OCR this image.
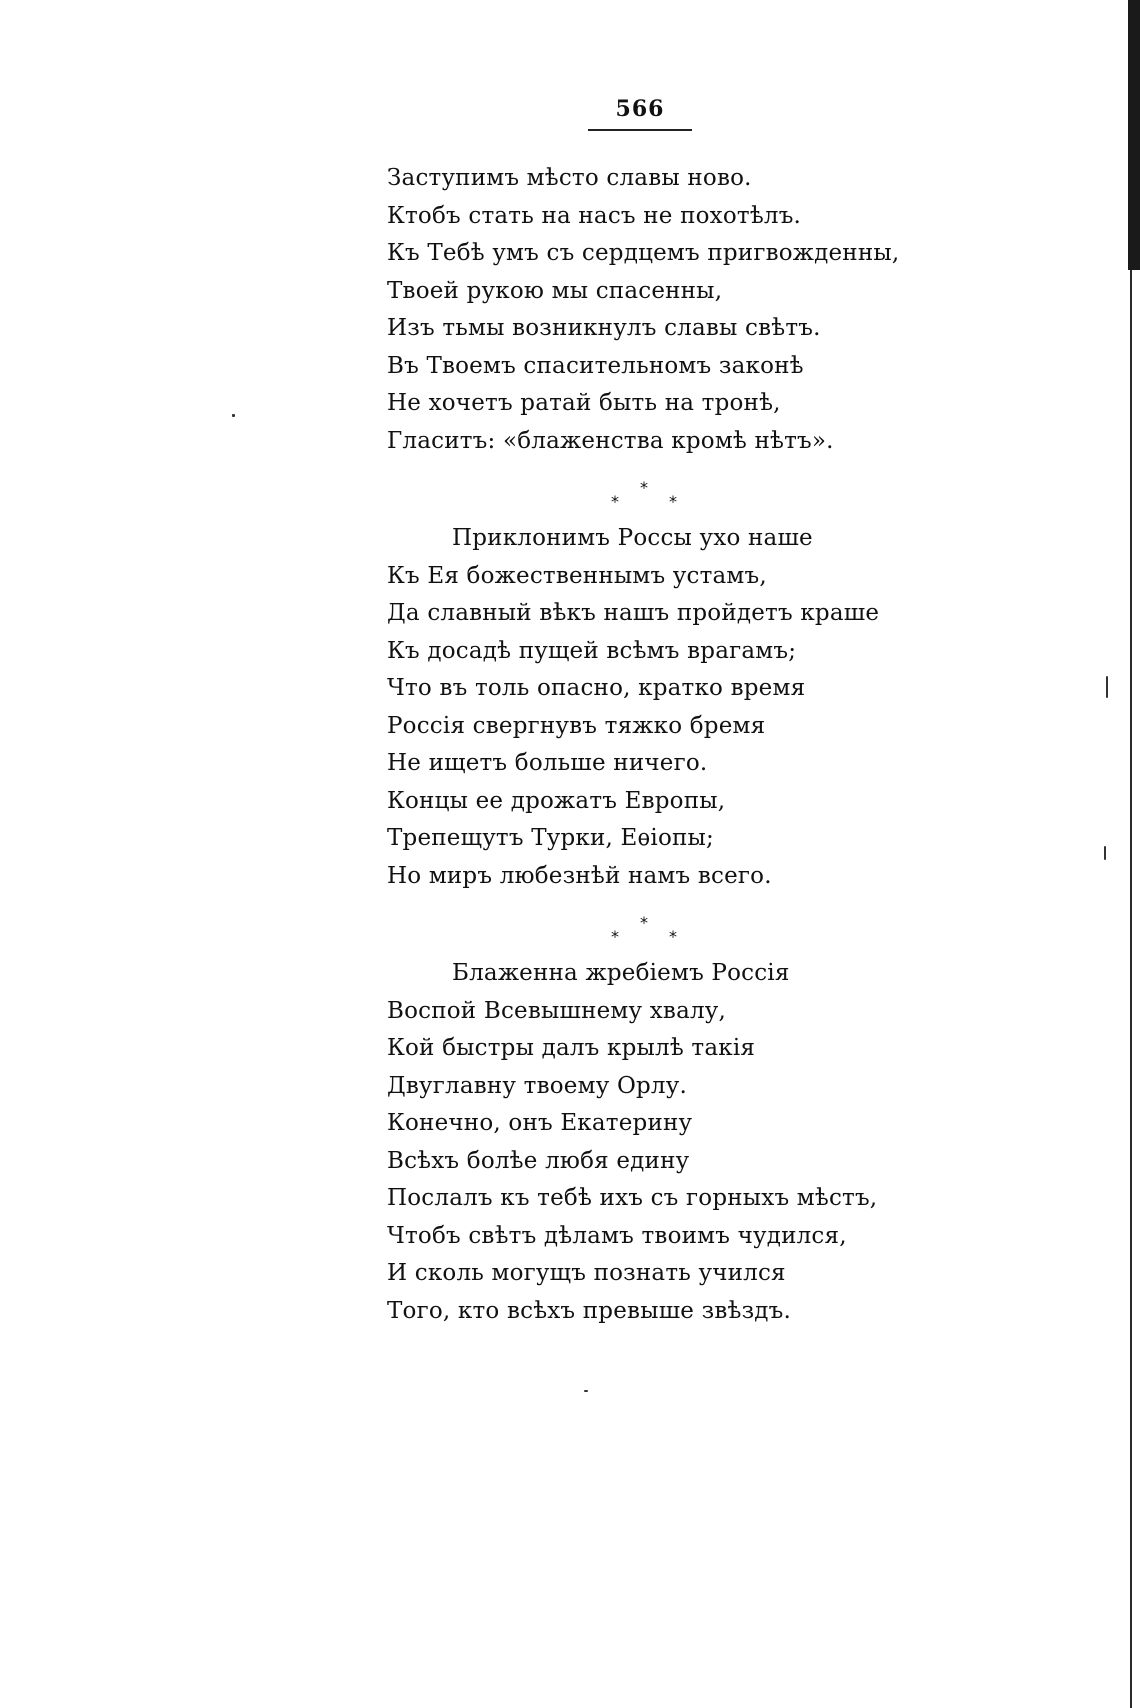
566
Заступимъ мѣсто славы ново.
Ктобъ стать на насъ не похотѣлъ.
Къ Тебѣ умъ съ сердцемъ пригвожденны,
Твоей рукою мы спасенны,
Изъ тьмы возникнулъ славы свѣтъ.
Въ Твоемъ спасительномъ законѣ
Не хочетъ ратай быть на тронѣ,
Гласитъ: «блаженства кромѣ нѣтъ».
*
*	*
Приклонимъ Россы ухо наше
Къ Ея божественнымъ устамъ,
Да славный вѣкъ нашъ пройдетъ краше
Къ досадѣ пущей всѣмъ врагамъ;
Что въ толь опасно, кратко время
Россія свергнувъ тяжко бремя
Не ищетъ больше ничего.
Концы ее дрожатъ Европы,
Трепещутъ Турки, Еѳіопы;
Но миръ любезнѣй намъ всего.
*
*	*
Блаженна жребіемъ Россія
Воспой Всевышнему хвалу,
Кой быстры далъ крылѣ такія
Двуглавну твоему Орлу.
Конечно, онъ Екатерину
Всѣхъ болѣе любя едину
Послалъ къ тебѣ ихъ съ горныхъ мѣстъ,
Чтобъ свѣтъ дѣламъ твоимъ чудился,
И сколь могущъ познать учился
Того, кто всѣхъ превыше звѣздъ.
